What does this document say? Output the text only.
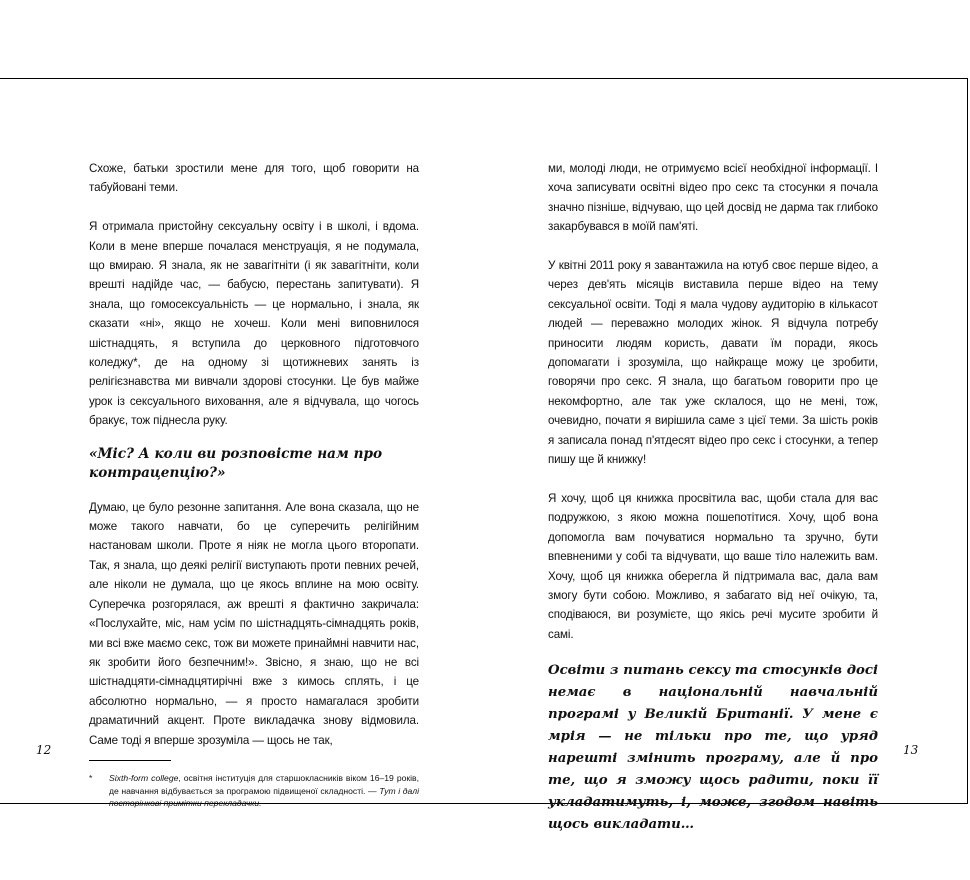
Схоже, батьки зростили мене для того, щоб говорити на табуйовані теми.

Я отримала пристойну сексуальну освіту і в школі, і вдома. Коли в мене вперше почалася менструація, я не подумала, що вмираю. Я знала, як не завагітніти (і як завагітніти, коли врешті надійде час, — бабусю, перестань запитувати). Я знала, що гомосексуальність — це нормально, і знала, як сказати «ні», якщо не хочеш. Коли мені виповнилося шістнадцять, я вступила до церковного підготовчого коледжу*, де на одному зі щотижневих занять із релігієзнавства ми вивчали здорові стосунки. Це був майже урок із сексуального виховання, але я відчувала, що чогось бракує, тож піднесла руку.

«Міс? А коли ви розповісте нам про контрацепцію?»

Думаю, це було резонне запитання. Але вона сказала, що не може такого навчати, бо це суперечить релігійним настановам школи. Проте я ніяк не могла цього второпати. Так, я знала, що деякі релігії виступають проти певних речей, але ніколи не думала, що це якось вплине на мою освіту. Суперечка розгорялася, аж врешті я фактично закричала: «Послухайте, міс, нам усім по шістнадцять-сімнадцять років, ми всі вже маємо секс, тож ви можете принаймні навчити нас, як зробити його безпечним!». Звісно, я знаю, що не всі шістнадцяти-сімнадцятирічні вже з кимось сплять, і це абсолютно нормально, — я просто намагалася зробити драматичний акцент. Проте викладачка знову відмовила. Саме тоді я вперше зрозуміла — щось не так,

*	Sixth-form college, освітня інституція для старшокласників віком 16–19 років, де навчання відбувається за програмою підвищеної складності. — Тут і далі посторінкові примітки перекладачки.
12

ми, молоді люди, не отримуємо всієї необхідної інформації. І хоча записувати освітні відео про секс та стосунки я почала значно пізніше, відчуваю, що цей досвід не дарма так глибоко закарбувався в моїй пам'яті.

У квітні 2011 року я завантажила на ютуб своє перше відео, а через дев'ять місяців виставила перше відео на тему сексуальної освіти. Тоді я мала чудову аудиторію в кількасот людей — переважно молодих жінок. Я відчула потребу приносити людям користь, давати їм поради, якось допомагати і зрозуміла, що найкраще можу це зробити, говорячи про секс. Я знала, що багатьом говорити про це некомфортно, але так уже склалося, що не мені, тож, очевидно, почати я вирішила саме з цієї теми. За шість років я записала понад п'ятдесят відео про секс і стосунки, а тепер пишу ще й книжку!

Я хочу, щоб ця книжка просвітила вас, щоби стала для вас подружкою, з якою можна пошепотітися. Хочу, щоб вона допомогла вам почуватися нормально та зручно, бути впевненими у собі та відчувати, що ваше тіло належить вам. Хочу, щоб ця книжка оберегла й підтримала вас, дала вам змогу бути собою. Можливо, я забагато від неї очікую, та, сподіваюся, ви розумієте, що якісь речі мусите зробити й самі.

Освіти з питань сексу та стосунків досі немає в національній навчальній програмі у Великій Британії. У мене є мрія — не тільки про те, що уряд нарешті змінить програму, але й про те, що я зможу щось радити, поки її укладатимуть, і, може, згодом навіть щось викладати…
13
